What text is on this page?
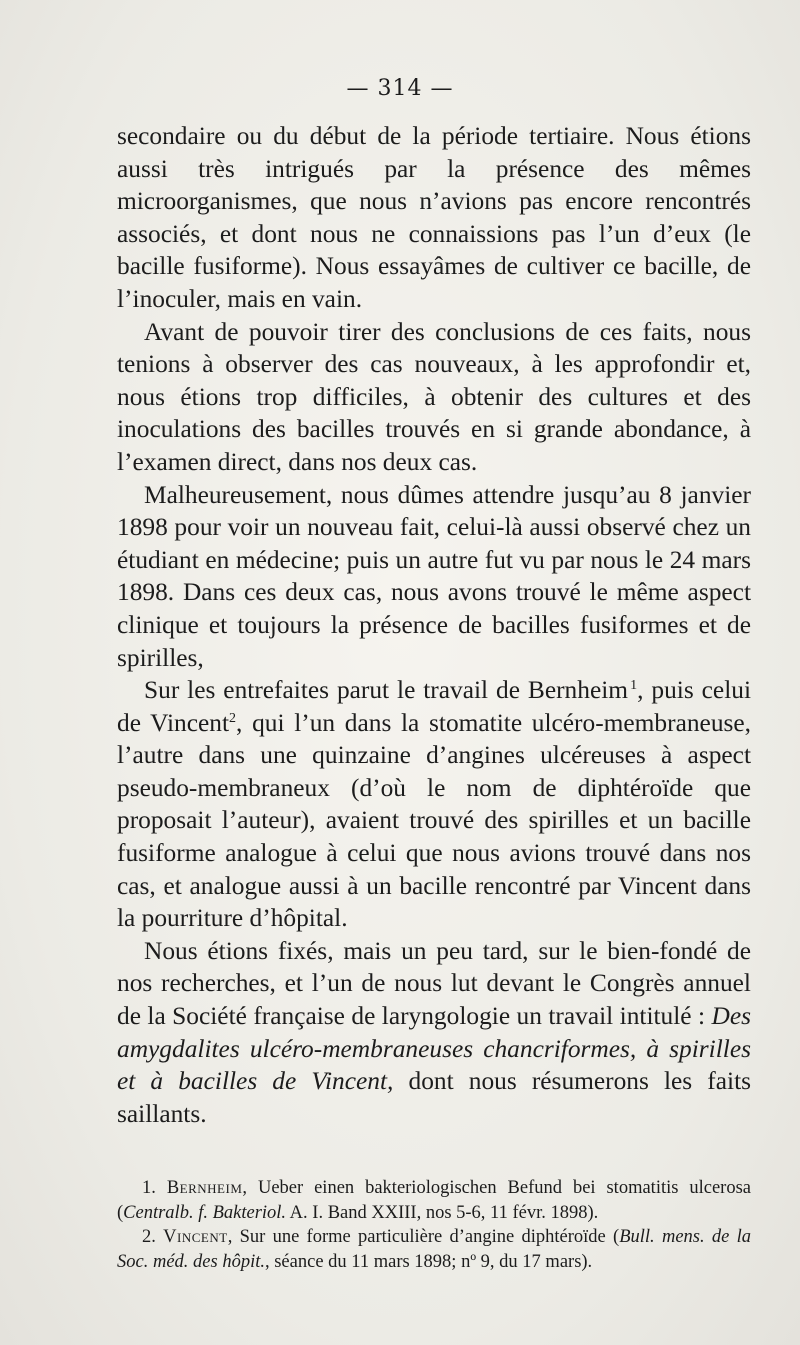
— 314 —

secondaire ou du début de la période tertiaire. Nous étions aussi très intrigués par la présence des mêmes microorganismes, que nous n’avions pas encore rencontrés associés, et dont nous ne connaissions pas l’un d’eux (le bacille fusiforme). Nous essayâmes de cultiver ce bacille, de l’inoculer, mais en vain.

Avant de pouvoir tirer des conclusions de ces faits, nous tenions à observer des cas nouveaux, à les approfondir et, nous étions trop difficiles, à obtenir des cultures et des inoculations des bacilles trouvés en si grande abondance, à l’examen direct, dans nos deux cas.

Malheureusement, nous dûmes attendre jusqu’au 8 janvier 1898 pour voir un nouveau fait, celui-là aussi observé chez un étudiant en médecine; puis un autre fut vu par nous le 24 mars 1898. Dans ces deux cas, nous avons trouvé le même aspect clinique et toujours la présence de bacilles fusiformes et de spirilles,

Sur les entrefaites parut le travail de Bernheim  $^1$, puis celui de Vincent$^2$, qui l’un dans la stomatite ulcéro-membraneuse, l’autre dans une quinzaine d’angines ulcéreuses à aspect pseudo-membraneux (d’où le nom de diphtéroïde que proposait l’auteur), avaient trouvé des spirilles et un bacille fusiforme analogue à celui que nous avions trouvé dans nos cas, et analogue aussi à un bacille rencontré par Vincent dans la pourriture d’hôpital.

Nous étions fixés, mais un peu tard, sur le bien-fondé de nos recherches, et l’un de nous lut devant le Congrès annuel de la Société française de laryngologie un travail intitulé : Des amygdalites ulcéro-membraneuses chancriformes, à spirilles et à bacilles de Vincent, dont nous résumerons les faits saillants.

1. Bernheim, Ueber einen bakteriologischen Befund bei stomatitis ulcerosa (Centralb. f. Bakteriol. A. I. Band XXIII, nos 5-6, 11 févr. 1898).

2. Vincent, Sur une forme particulière d’angine diphtéroïde (Bull. mens. de la Soc. méd. des hôpit., séance du 11 mars 1898; nº 9, du 17 mars).
